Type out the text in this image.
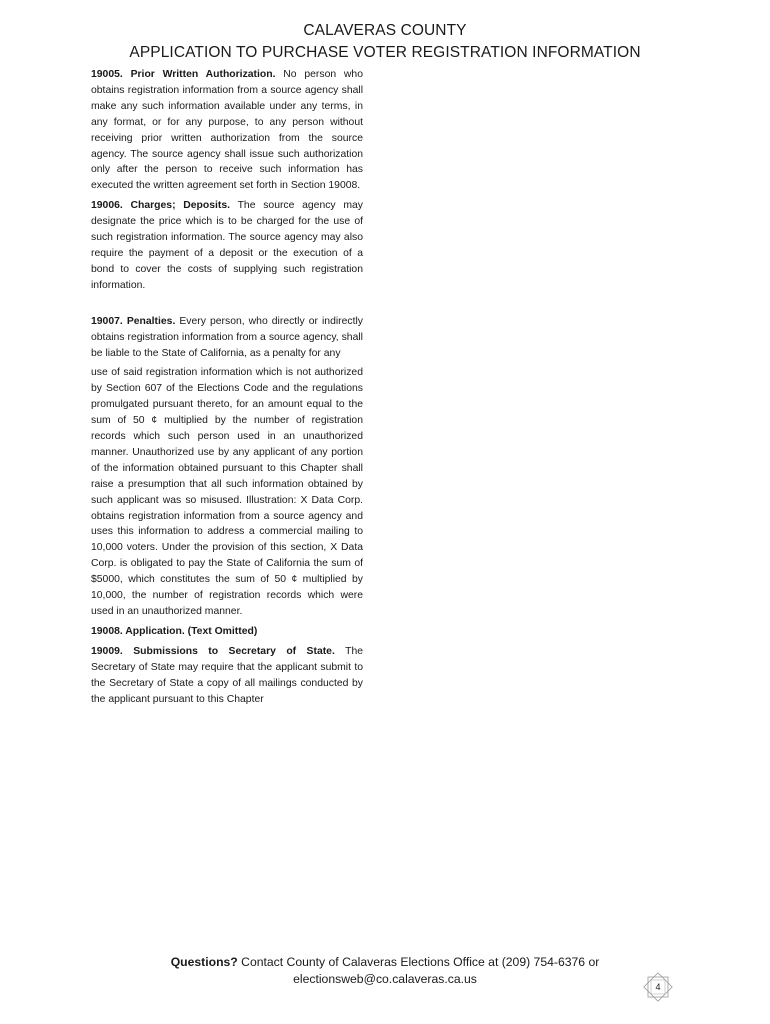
CALAVERAS COUNTY
APPLICATION TO PURCHASE VOTER REGISTRATION INFORMATION

19005. Prior Written Authorization. No person who obtains registration information from a source agency shall make any such information available under any terms, in any format, or for any purpose, to any person without receiving prior written authorization from the source agency. The source agency shall issue such authorization only after the person to receive such information has executed the written agreement set forth in Section 19008.

19006. Charges; Deposits. The source agency may designate the price which is to be charged for the use of such registration information. The source agency may also require the payment of a deposit or the execution of a bond to cover the costs of supplying such registration information.

19007. Penalties. Every person, who directly or indirectly obtains registration information from a source agency, shall be liable to the State of California, as a penalty for any

use of said registration information which is not authorized by Section 607 of the Elections Code and the regulations promulgated pursuant thereto, for an amount equal to the sum of 50 ¢ multiplied by the number of registration records which such person used in an unauthorized manner. Unauthorized use by any applicant of any portion of the information obtained pursuant to this Chapter shall raise a presumption that all such information obtained by such applicant was so misused. Illustration: X Data Corp. obtains registration information from a source agency and uses this information to address a commercial mailing to 10,000 voters. Under the provision of this section, X Data Corp. is obligated to pay the State of California the sum of $5000, which constitutes the sum of 50 ¢ multiplied by 10,000, the number of registration records which were used in an unauthorized manner.

19008. Application. (Text Omitted)

19009. Submissions to Secretary of State. The Secretary of State may require that the applicant submit to the Secretary of State a copy of all mailings conducted by the applicant pursuant to this Chapter

Questions? Contact County of Calaveras Elections Office at (209) 754-6376 or
electionsweb@co.calaveras.ca.us
4
